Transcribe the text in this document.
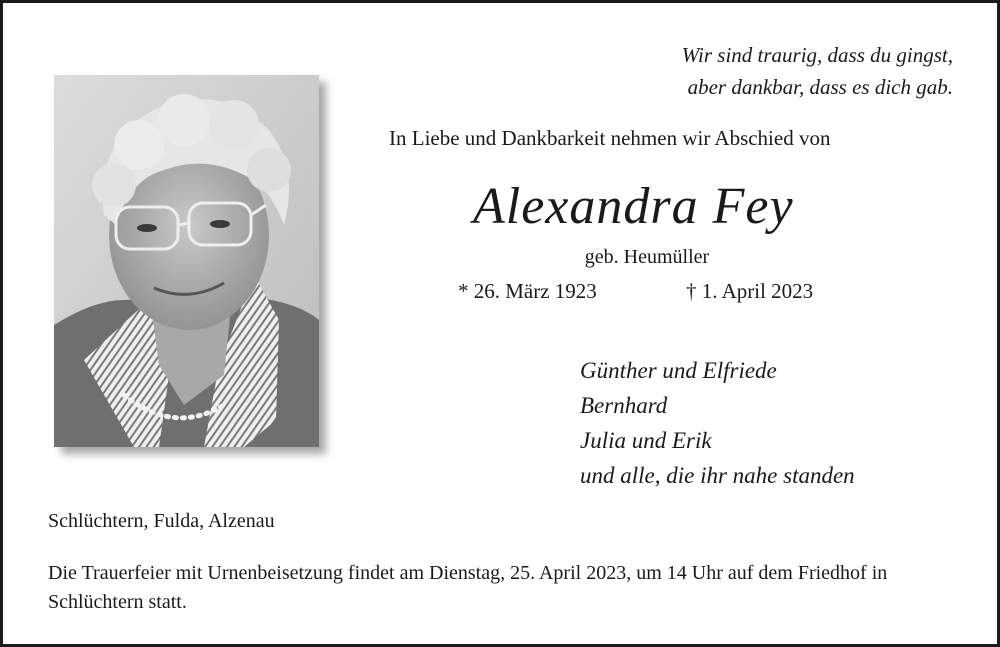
Wir sind traurig, dass du gingst,
aber dankbar, dass es dich gab.
In Liebe und Dankbarkeit nehmen wir Abschied von
Alexandra Fey
geb. Heumüller
* 26. März 1923	† 1. April 2023
Günther und Elfriede
Bernhard
Julia und Erik
und alle, die ihr nahe standen
Schlüchtern, Fulda, Alzenau
Die Trauerfeier mit Urnenbeisetzung findet am Dienstag, 25. April 2023, um 14 Uhr auf dem Friedhof in Schlüchtern statt.
